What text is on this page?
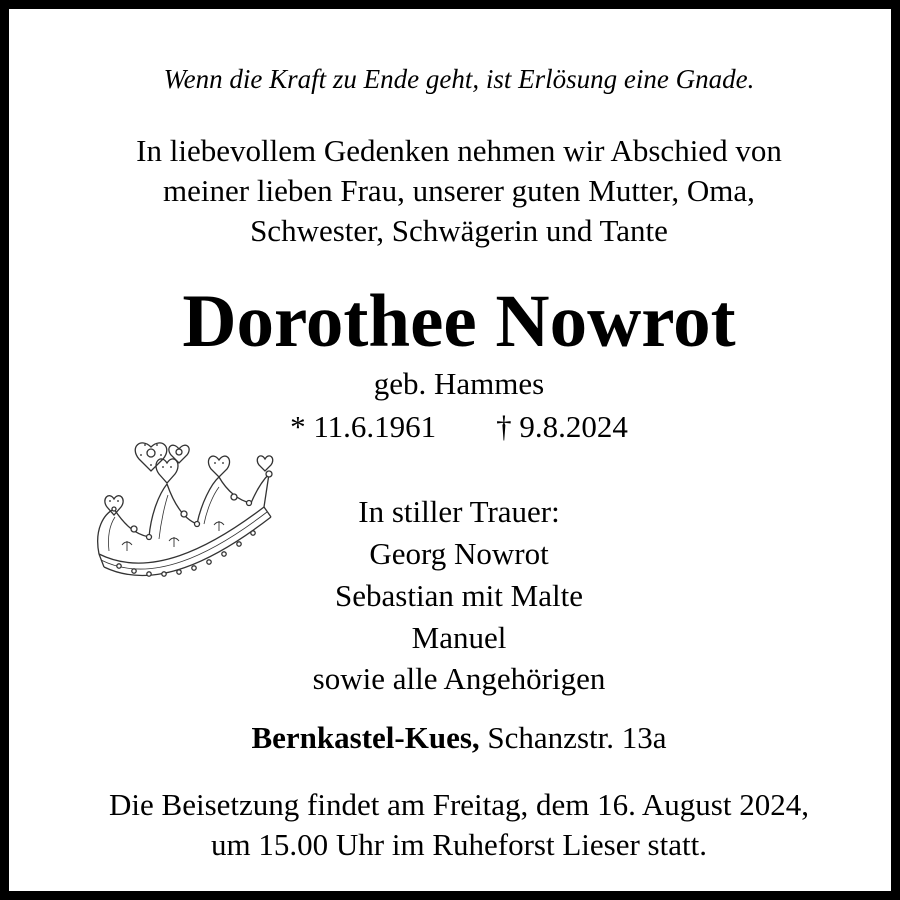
Wenn die Kraft zu Ende geht, ist Erlösung eine Gnade.
In liebevollem Gedenken nehmen wir Abschied von
meiner lieben Frau, unserer guten Mutter, Oma,
Schwester, Schwägerin und Tante
Dorothee Nowrot
geb. Hammes
* 11.6.1961 † 9.8.2024
In stiller Trauer:
Georg Nowrot
Sebastian mit Malte
Manuel
sowie alle Angehörigen
Bernkastel-Kues, Schanzstr. 13a
Die Beisetzung findet am Freitag, dem 16. August 2024,
um 15.00 Uhr im Ruheforst Lieser statt.
